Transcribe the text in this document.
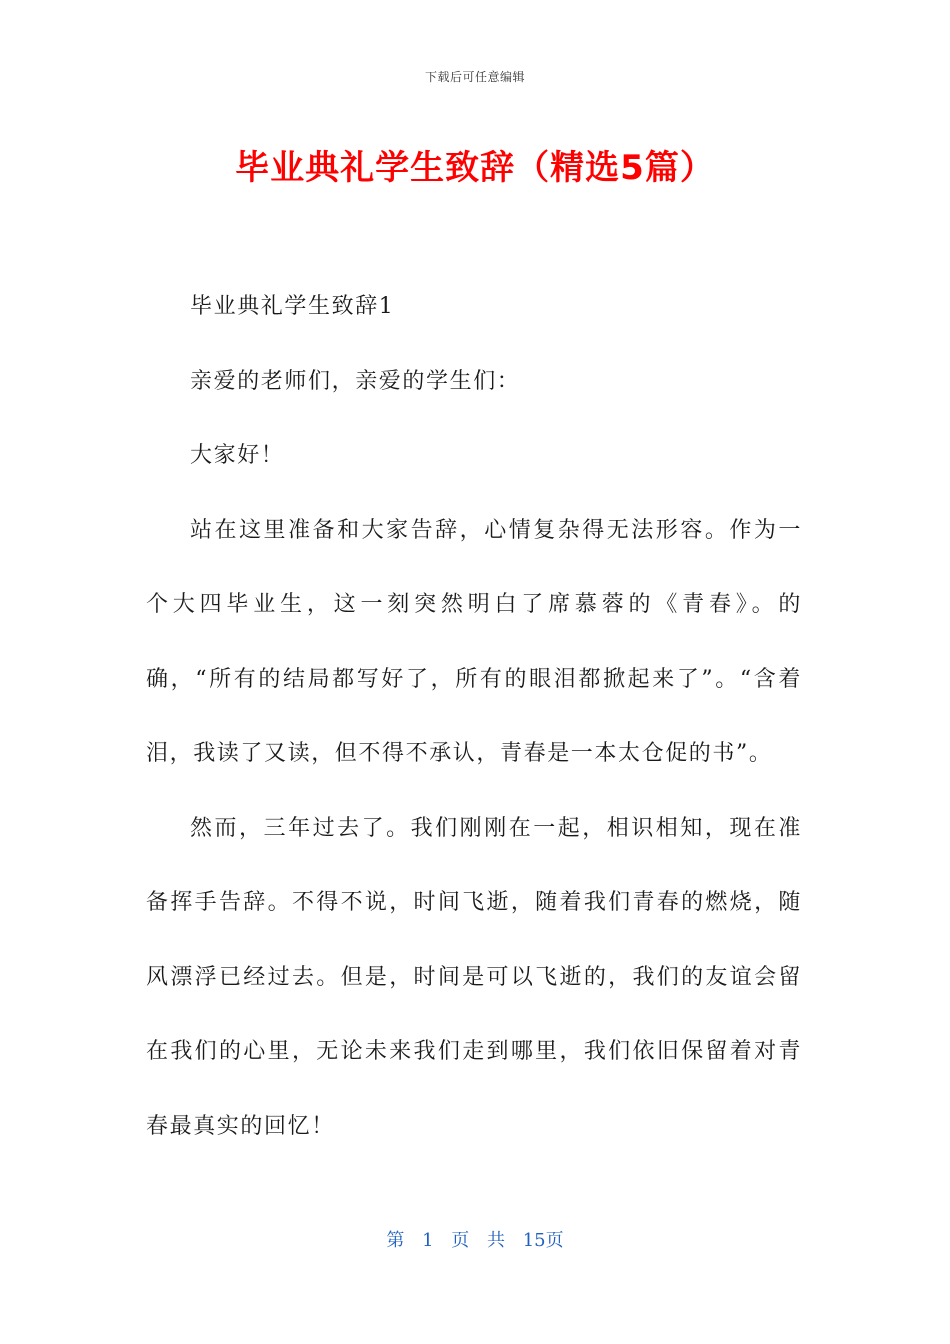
下载后可任意编辑
毕业典礼学生致辞（精选5篇）

毕业典礼学生致辞1

亲爱的老师们，亲爱的学生们：

大家好！

站在这里准备和大家告辞，心情复杂得无法形容。作为一个大四毕业生，这一刻突然明白了席慕蓉的《青春》。的确，“所有的结局都写好了，所有的眼泪都掀起来了”。“含着泪，我读了又读，但不得不承认，青春是一本太仓促的书”。

然而，三年过去了。我们刚刚在一起，相识相知，现在准备挥手告辞。不得不说，时间飞逝，随着我们青春的燃烧，随风漂浮已经过去。但是，时间是可以飞逝的，我们的友谊会留在我们的心里，无论未来我们走到哪里，我们依旧保留着对青春最真实的回忆！

第 1 页 共 15页
